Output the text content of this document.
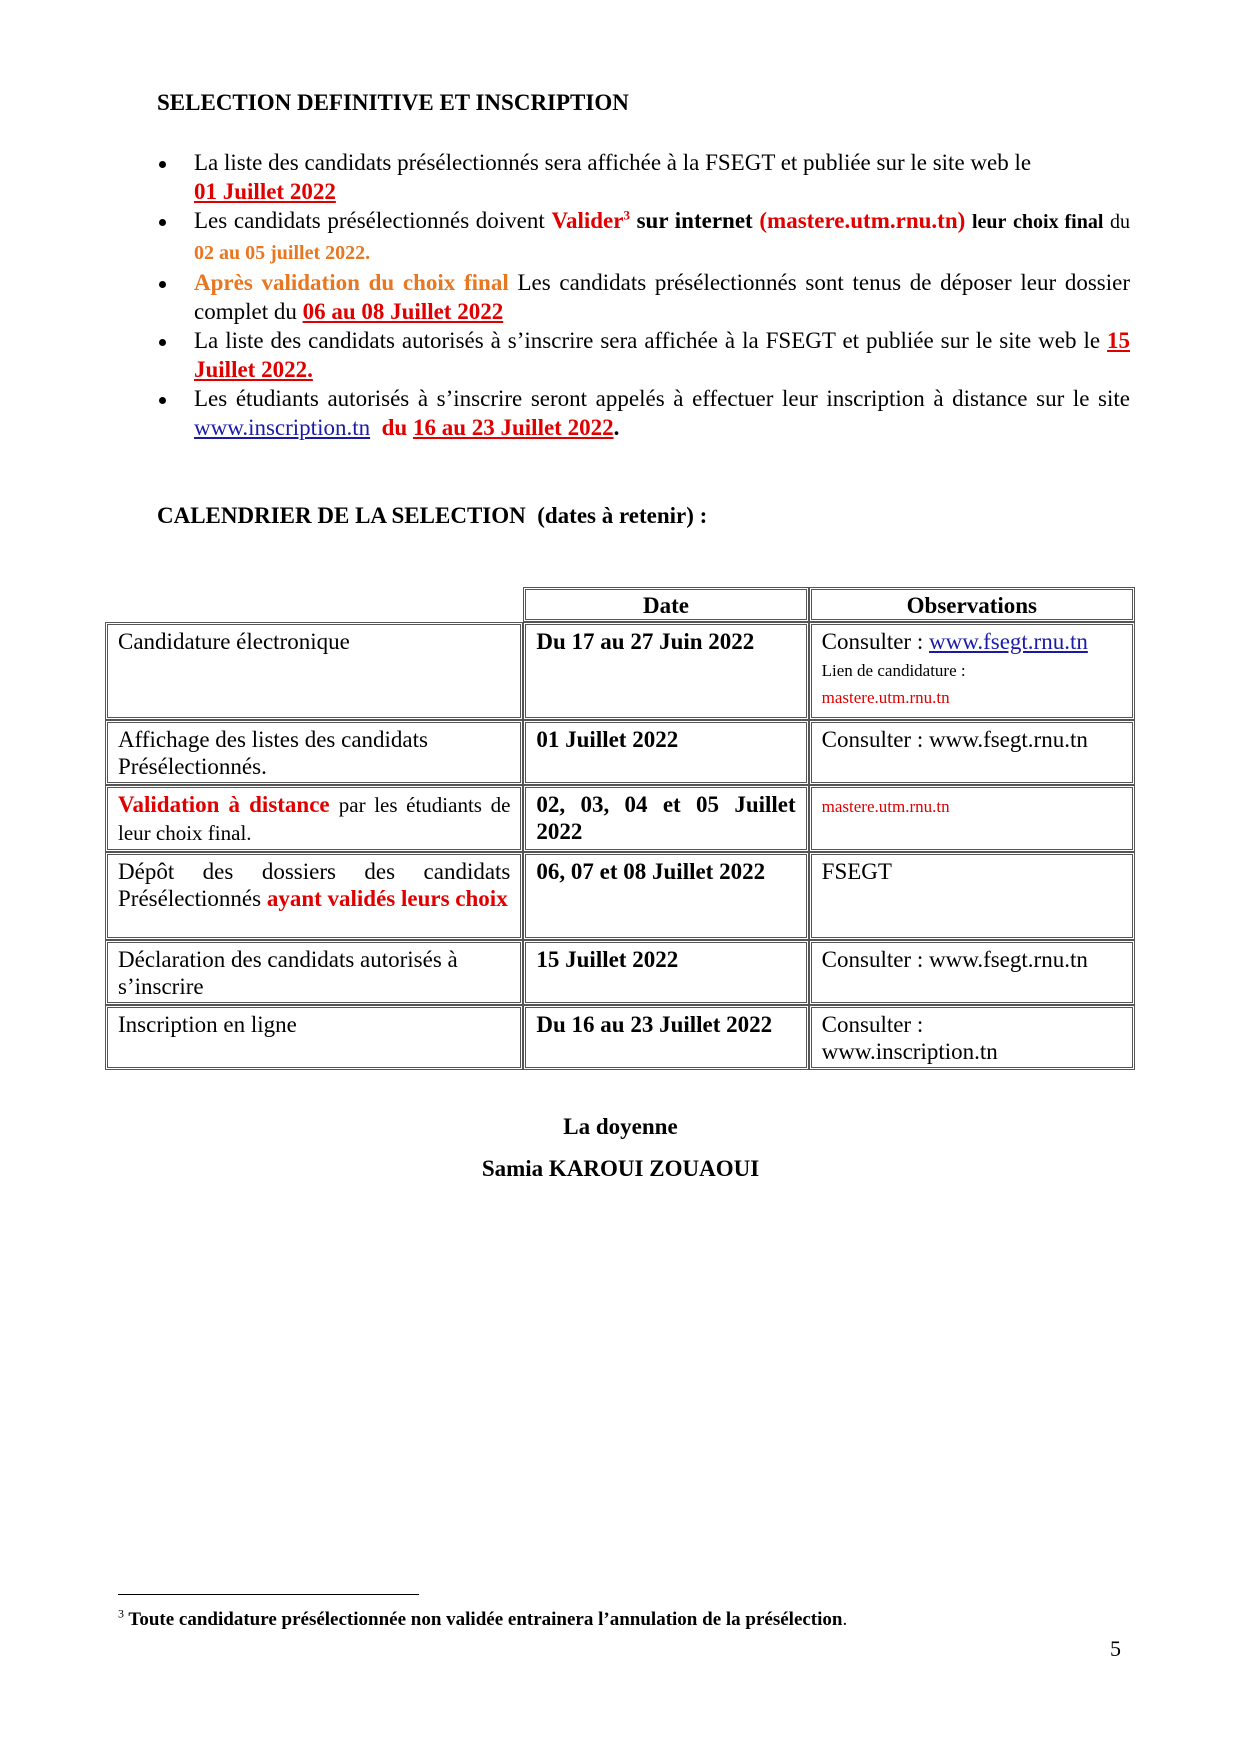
SELECTION DEFINITIVE ET INSCRIPTION
La liste des candidats présélectionnés sera affichée à la FSEGT et publiée sur le site web le
01 Juillet 2022
Les candidats présélectionnés doivent Valider$^3$ sur internet (mastere.utm.rnu.tn) leur choix final du 02 au 05 juillet 2022.
Après validation du choix final Les candidats présélectionnés sont tenus de déposer leur dossier complet du 06 au 08 Juillet 2022
La liste des candidats autorisés à s’inscrire sera affichée à la FSEGT et publiée sur le site web le 15 Juillet 2022.
Les étudiants autorisés à s’inscrire seront appelés à effectuer leur inscription à distance sur le site www.inscription.tn du 16 au 23 Juillet 2022.
CALENDRIER DE LA SELECTION (dates à retenir) :
	Date	Observations
Candidature électronique	Du 17 au 27 Juin 2022	Consulter : www.fsegt.rnu.tn
Lien de candidature :
mastere.utm.rnu.tn
Affichage des listes des candidats Présélectionnés.	01 Juillet 2022	Consulter : www.fsegt.rnu.tn
Validation à distance par les étudiants de leur choix final.	02, 03, 04 et 05 Juillet 2022	mastere.utm.rnu.tn
Dépôt des dossiers des candidats Présélectionnés ayant validés leurs choix	06, 07 et 08 Juillet 2022	FSEGT
Déclaration des candidats autorisés à s’inscrire	15 Juillet 2022	Consulter : www.fsegt.rnu.tn
Inscription en ligne	Du 16 au 23 Juillet 2022	Consulter :
www.inscription.tn

La doyenne

Samia KAROUI ZOUAOUI

$^3$ Toute candidature présélectionnée non validée entrainera l’annulation de la présélection.

5
